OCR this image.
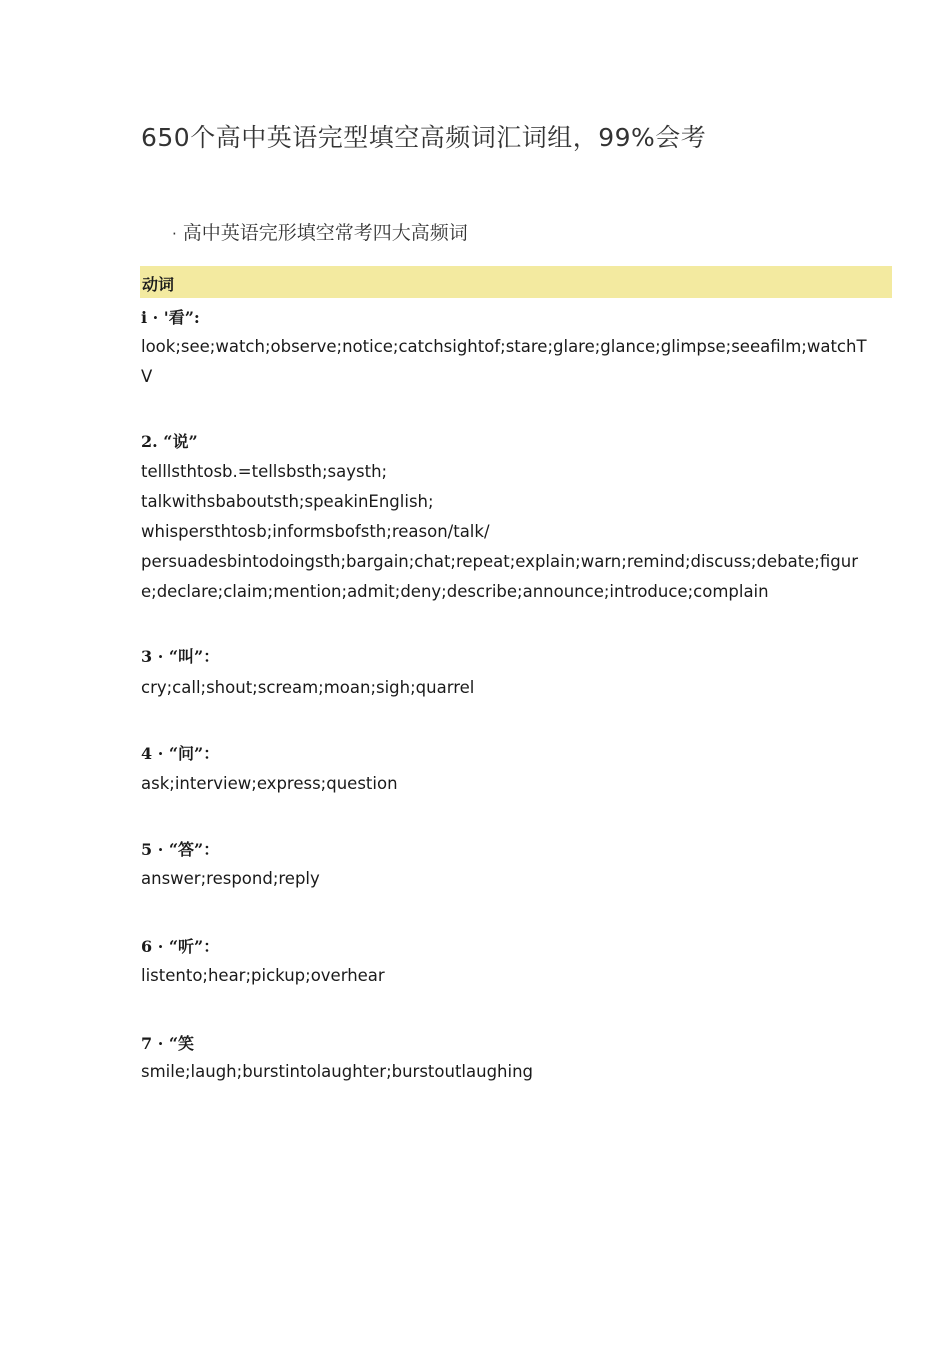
650个高中英语完型填空高频词汇词组，99%会考
· 高中英语完形填空常考四大高频词
动词
i · '看”:
look;see;watch;observe;notice;catchsightof;stare;glare;glance;glimpse;seeafilm;watchT
V
2. “说”
telllsthtosb.=tellsbsth;saysth;
talkwithsbaboutsth;speakinEnglish;
whispersthtosb;informsbofsth;reason/talk/
persuadesbintodoingsth;bargain;chat;repeat;explain;warn;remind;discuss;debate;figur
e;declare;claim;mention;admit;deny;describe;announce;introduce;complain
3 · “叫”：
cry;call;shout;scream;moan;sigh;quarrel
4 · “问”：
ask;interview;express;question
5 · “答”：
answer;respond;reply
6 · “听”：
listento;hear;pickup;overhear
7 · “笑
smile;laugh;burstintolaughter;burstoutlaughing
